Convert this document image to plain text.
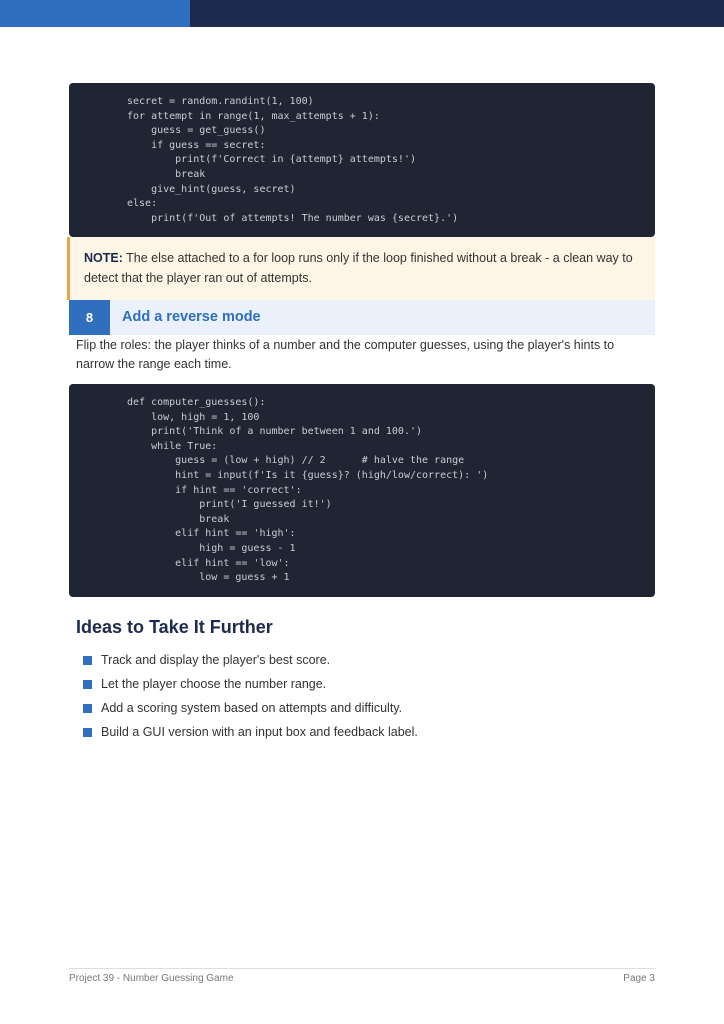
secret = random.randint(1, 100)
for attempt in range(1, max_attempts + 1):
guess = get_guess()
if guess == secret:
print(f'Correct in {attempt} attempts!')
break
give_hint(guess, secret)
else:
print(f'Out of attempts! The number was {secret}.')
NOTE: The else attached to a for loop runs only if the loop finished without a break - a clean way to detect that the player ran out of attempts.
8	Add a reverse mode
Flip the roles: the player thinks of a number and the computer guesses, using the player's hints to narrow the range each time.
def computer_guesses():
low, high = 1, 100
print('Think of a number between 1 and 100.')
while True:
guess = (low + high) // 2      # halve the range
hint = input(f'Is it {guess}? (high/low/correct): ')
if hint == 'correct':
print('I guessed it!')
break
elif hint == 'high':
high = guess - 1
elif hint == 'low':
low = guess + 1
Ideas to Take It Further
Track and display the player's best score.
Let the player choose the number range.
Add a scoring system based on attempts and difficulty.
Build a GUI version with an input box and feedback label.
Project 39 - Number Guessing Game	Page 3
